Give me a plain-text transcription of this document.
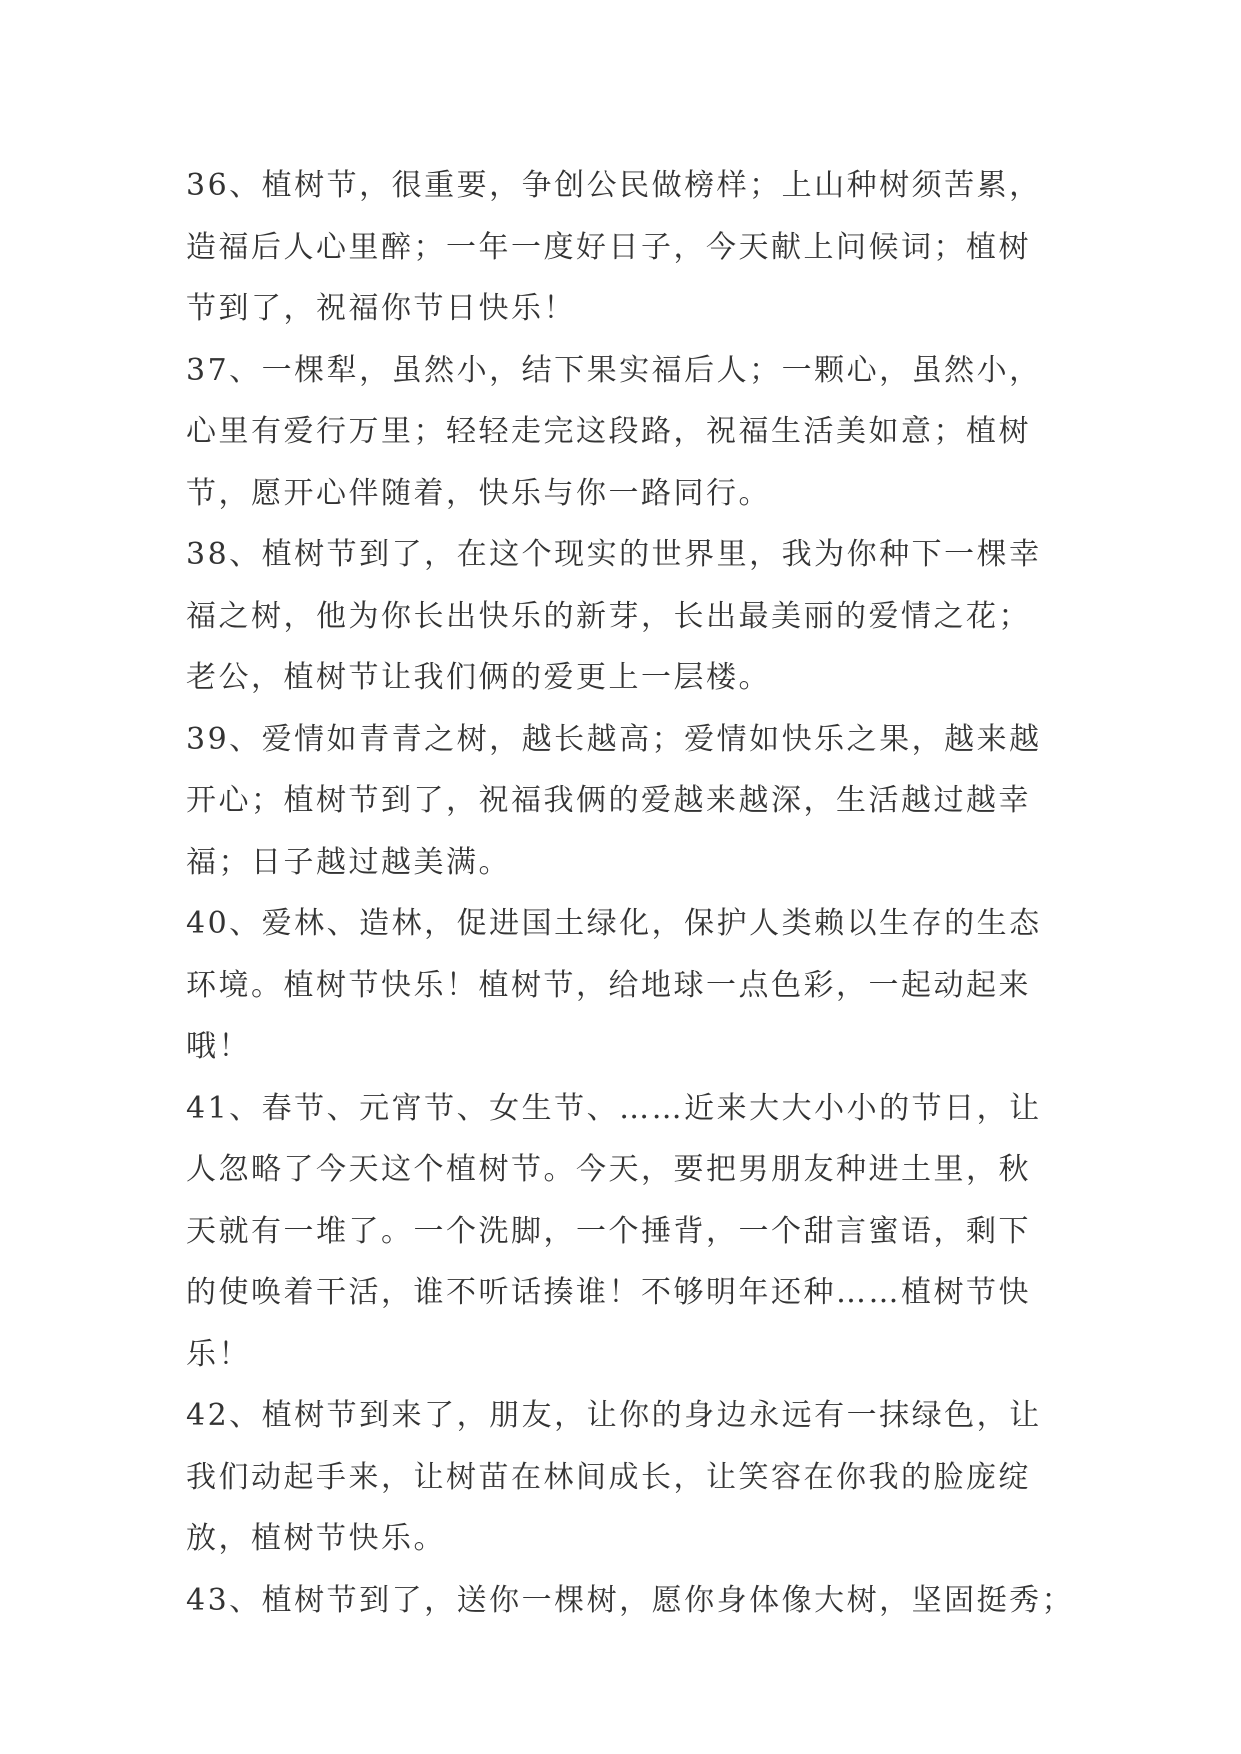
36、植树节，很重要，争创公民做榜样；上山种树须苦累，
造福后人心里醉；一年一度好日子，今天献上问候词；植树
节到了，祝福你节日快乐！
37、一棵犁，虽然小，结下果实福后人；一颗心，虽然小，
心里有爱行万里；轻轻走完这段路，祝福生活美如意；植树
节，愿开心伴随着，快乐与你一路同行。
38、植树节到了，在这个现实的世界里，我为你种下一棵幸
福之树，他为你长出快乐的新芽，长出最美丽的爱情之花；
老公，植树节让我们俩的爱更上一层楼。
39、爱情如青青之树，越长越高；爱情如快乐之果，越来越
开心；植树节到了，祝福我俩的爱越来越深，生活越过越幸
福；日子越过越美满。
40、爱林、造林，促进国土绿化，保护人类赖以生存的生态
环境。植树节快乐！植树节，给地球一点色彩，一起动起来
哦！
41、春节、元宵节、女生节、……近来大大小小的节日，让
人忽略了今天这个植树节。今天，要把男朋友种进土里，秋
天就有一堆了。一个洗脚，一个捶背，一个甜言蜜语，剩下
的使唤着干活，谁不听话揍谁！不够明年还种……植树节快
乐！
42、植树节到来了，朋友，让你的身边永远有一抹绿色，让
我们动起手来，让树苗在林间成长，让笑容在你我的脸庞绽
放，植树节快乐。
43、植树节到了，送你一棵树，愿你身体像大树，坚固挺秀；
